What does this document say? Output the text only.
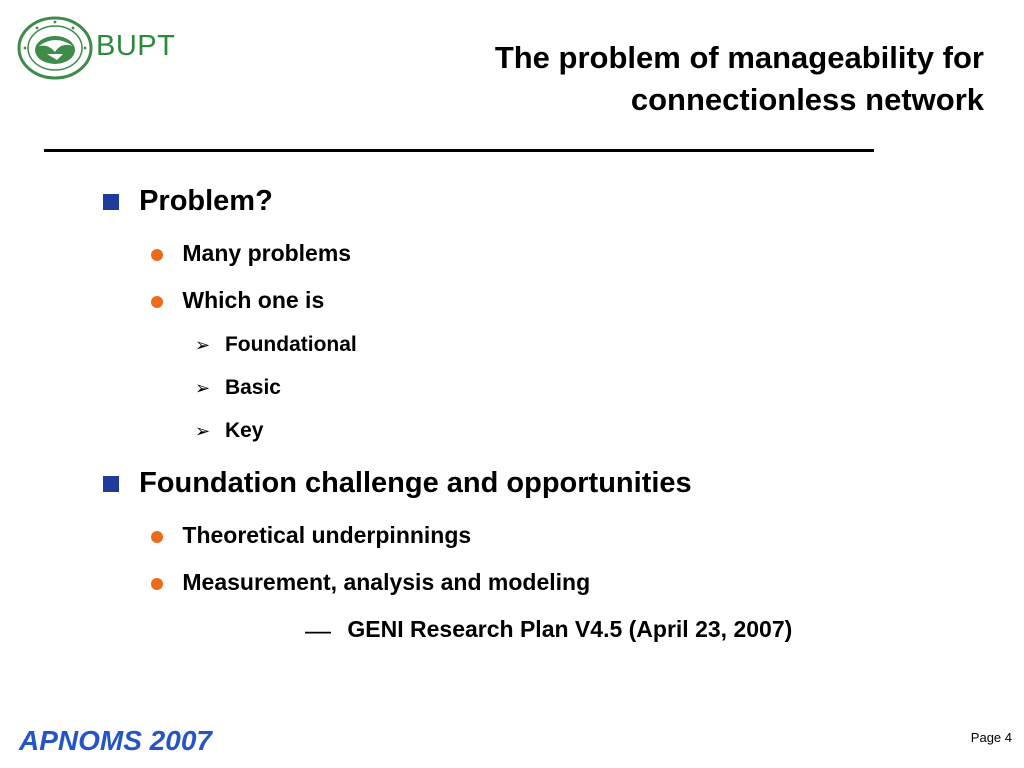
BUPT	The problem of manageability for
connectionless network
Problem?
Many problems
Which one is
➢ Foundational
➢ Basic
➢ Key
Foundation challenge and opportunities
Theoretical underpinnings
Measurement, analysis and modeling
— GENI Research Plan V4.5 (April 23, 2007)
APNOMS 2007	Page 4
